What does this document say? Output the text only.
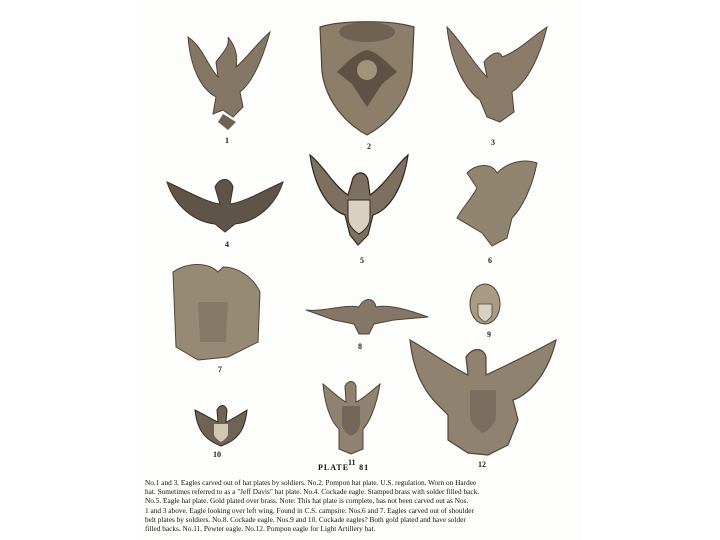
1
2	3
4
5	6
7
8
9
10
11	12
PLATE 81

No.1 and 3. Eagles carved out of hat plates by soldiers. No.2. Pompon hat plate. U.S. regulation. Worn on Hardee

hat. Sometimes referred to as a "Jeff Davis" hat plate. No.4. Cockade eagle. Stamped brass with solder filled back.

No.5. Eagle hat plate. Gold plated over brass. Note: This hat plate is complete, has not been carved out as Nos.

1 and 3 above. Eagle looking over left wing. Found in C.S. campsite. Nos.6 and 7. Eagles carved out of shoulder

belt plates by soldiers. No.8. Cockade eagle. Nos.9 and 10. Cockade eagles? Both gold plated and have solder

filled backs. No.11. Pewter eagle. No.12. Pompon eagle for Light Artillery hat.
